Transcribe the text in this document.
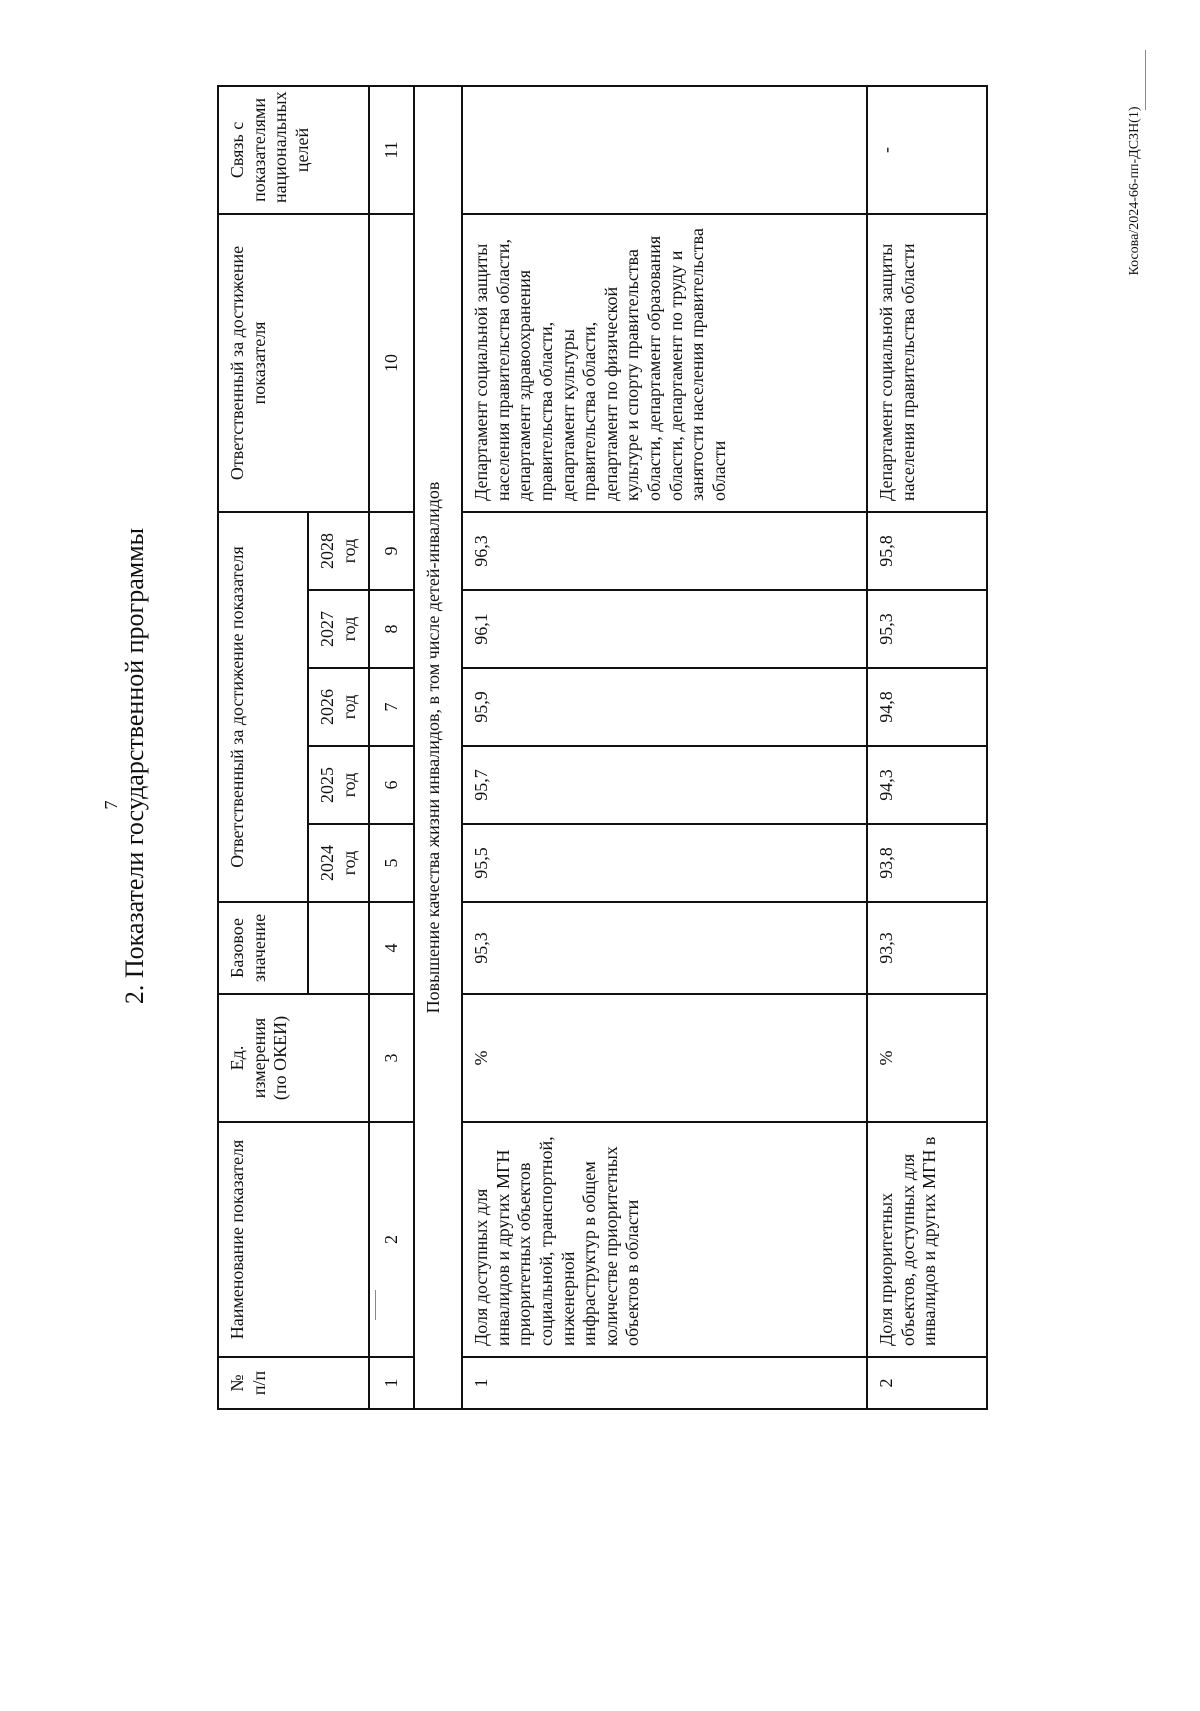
7 2. Показатели государственной программы
Косова/2024-66-пп-ДСЗН(1)
№ п/п	Наименование показателя	Ед. измерения (по ОКЕИ)	Базовое значение	Ответственный за достижение показателя					Ответственный за достижение показателя	Связь с показателями национальных целей
				2024 год	2025 год	2026 год	2027 год	2028 год		
1	2	3	4	5	6	7	8	9	10	11
Повышение качества жизни инвалидов, в том числе детей-инвалидов										
1	Доля доступных для инвалидов и других МГН приоритетных объектов социальной, транспортной, инженерной инфраструктур в общем количестве приоритетных объектов в области	%	95,3	95,5	95,7	95,9	96,1	96,3	Департамент социальной защиты населения правительства области, департамент здравоохранения правительства области, департамент культуры правительства области, департамент по физической культуре и спорту правительства области, департамент образования области, департамент по труду и занятости населения правительства области	
2	Доля приоритетных объектов, доступных для инвалидов и других МГН в	%	93,3	93,8	94,3	94,8	95,3	95,8	Департамент социальной защиты населения правительства области	-
